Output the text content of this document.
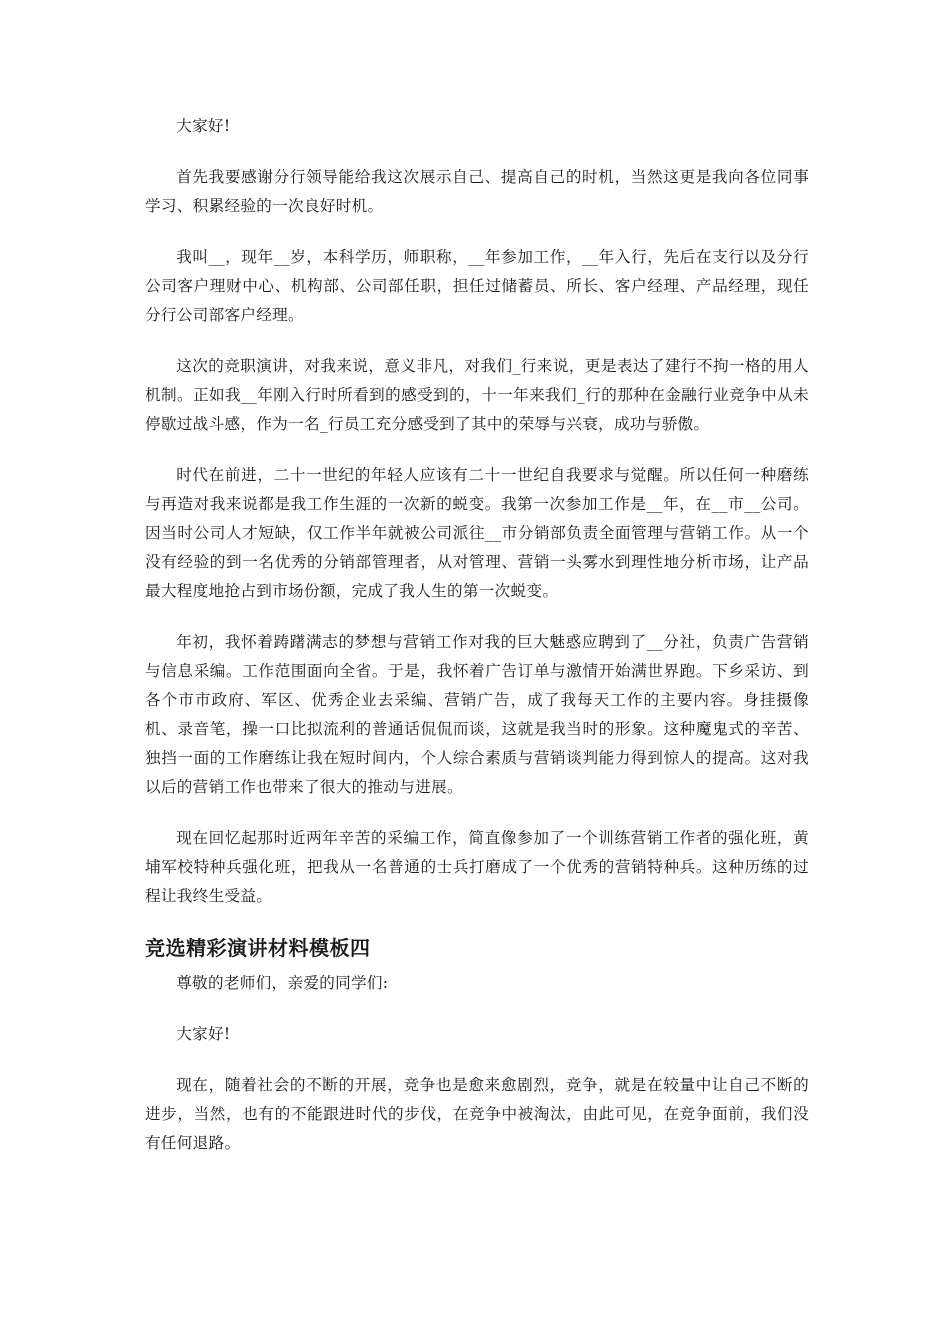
大家好!

首先我要感谢分行领导能给我这次展示自己、提高自己的时机，当然这更是我向各位同事学习、积累经验的一次良好时机。

我叫__，现年__岁，本科学历，师职称，__年参加工作，__年入行，先后在支行以及分行公司客户理财中心、机构部、公司部任职，担任过储蓄员、所长、客户经理、产品经理，现任分行公司部客户经理。

这次的竞职演讲，对我来说，意义非凡，对我们_行来说，更是表达了建行不拘一格的用人机制。正如我__年刚入行时所看到的感受到的，十一年来我们_行的那种在金融行业竞争中从未停歇过战斗感，作为一名_行员工充分感受到了其中的荣辱与兴衰，成功与骄傲。

时代在前进，二十一世纪的年轻人应该有二十一世纪自我要求与觉醒。所以任何一种磨练与再造对我来说都是我工作生涯的一次新的蜕变。我第一次参加工作是__年，在__市__公司。因当时公司人才短缺，仅工作半年就被公司派往__市分销部负责全面管理与营销工作。从一个没有经验的到一名优秀的分销部管理者，从对管理、营销一头雾水到理性地分析市场，让产品最大程度地抢占到市场份额，完成了我人生的第一次蜕变。

年初，我怀着踌躇满志的梦想与营销工作对我的巨大魅惑应聘到了__分社，负责广告营销与信息采编。工作范围面向全省。于是，我怀着广告订单与激情开始满世界跑。下乡采访、到各个市市政府、军区、优秀企业去采编、营销广告，成了我每天工作的主要内容。身挂摄像机、录音笔，操一口比拟流利的普通话侃侃而谈，这就是我当时的形象。这种魔鬼式的辛苦、独挡一面的工作磨练让我在短时间内，个人综合素质与营销谈判能力得到惊人的提高。这对我以后的营销工作也带来了很大的推动与进展。

现在回忆起那时近两年辛苦的采编工作，简直像参加了一个训练营销工作者的强化班，黄埔军校特种兵强化班，把我从一名普通的士兵打磨成了一个优秀的营销特种兵。这种历练的过程让我终生受益。

竞选精彩演讲材料模板四

尊敬的老师们，亲爱的同学们:

大家好!

现在，随着社会的不断的开展，竞争也是愈来愈剧烈，竞争，就是在较量中让自己不断的进步，当然，也有的不能跟进时代的步伐，在竞争中被淘汰，由此可见，在竞争面前，我们没有任何退路。
